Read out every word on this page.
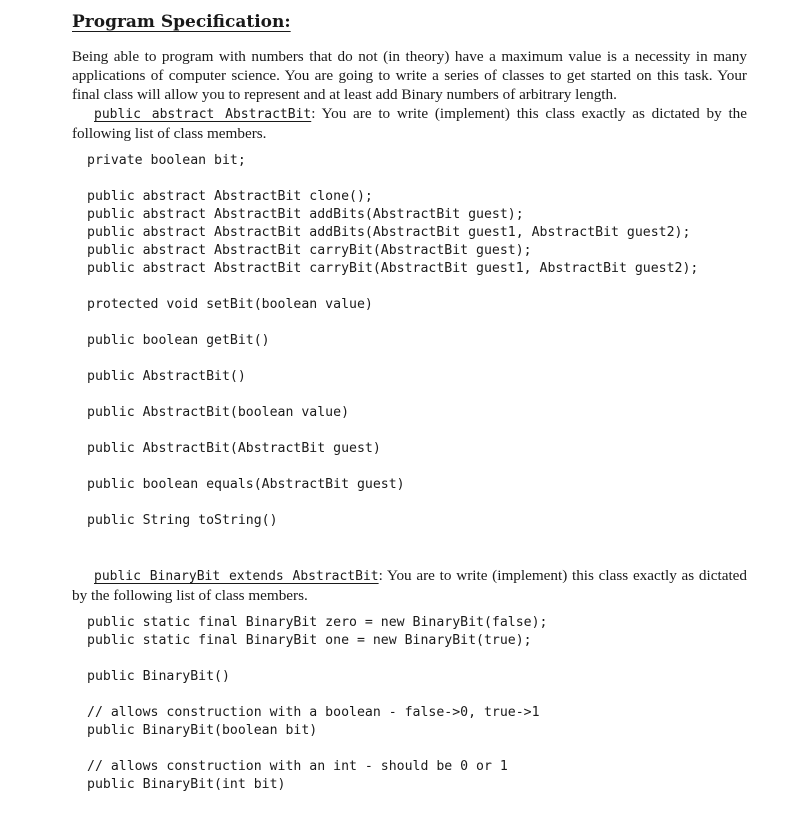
Program Specification:

Being able to program with numbers that do not (in theory) have a maximum value is a necessity in many applications of computer science. You are going to write a series of classes to get started on this task. Your final class will allow you to represent and at least add Binary numbers of arbitrary length.

public abstract AbstractBit: You are to write (implement) this class exactly as dictated by the following list of class members.

private boolean bit;
public abstract AbstractBit clone();
public abstract AbstractBit addBits(AbstractBit guest);
public abstract AbstractBit addBits(AbstractBit guest1, AbstractBit guest2);
public abstract AbstractBit carryBit(AbstractBit guest);
public abstract AbstractBit carryBit(AbstractBit guest1, AbstractBit guest2);
protected void setBit(boolean value)
public boolean getBit()
public AbstractBit()
public AbstractBit(boolean value)
public AbstractBit(AbstractBit guest)
public boolean equals(AbstractBit guest)
public String toString()

public BinaryBit extends AbstractBit: You are to write (implement) this class exactly as dictated by the following list of class members.

public static final BinaryBit zero = new BinaryBit(false);
public static final BinaryBit one = new BinaryBit(true);
public BinaryBit()
// allows construction with a boolean - false->0, true->1
public BinaryBit(boolean bit)
// allows construction with an int - should be 0 or 1
public BinaryBit(int bit)
